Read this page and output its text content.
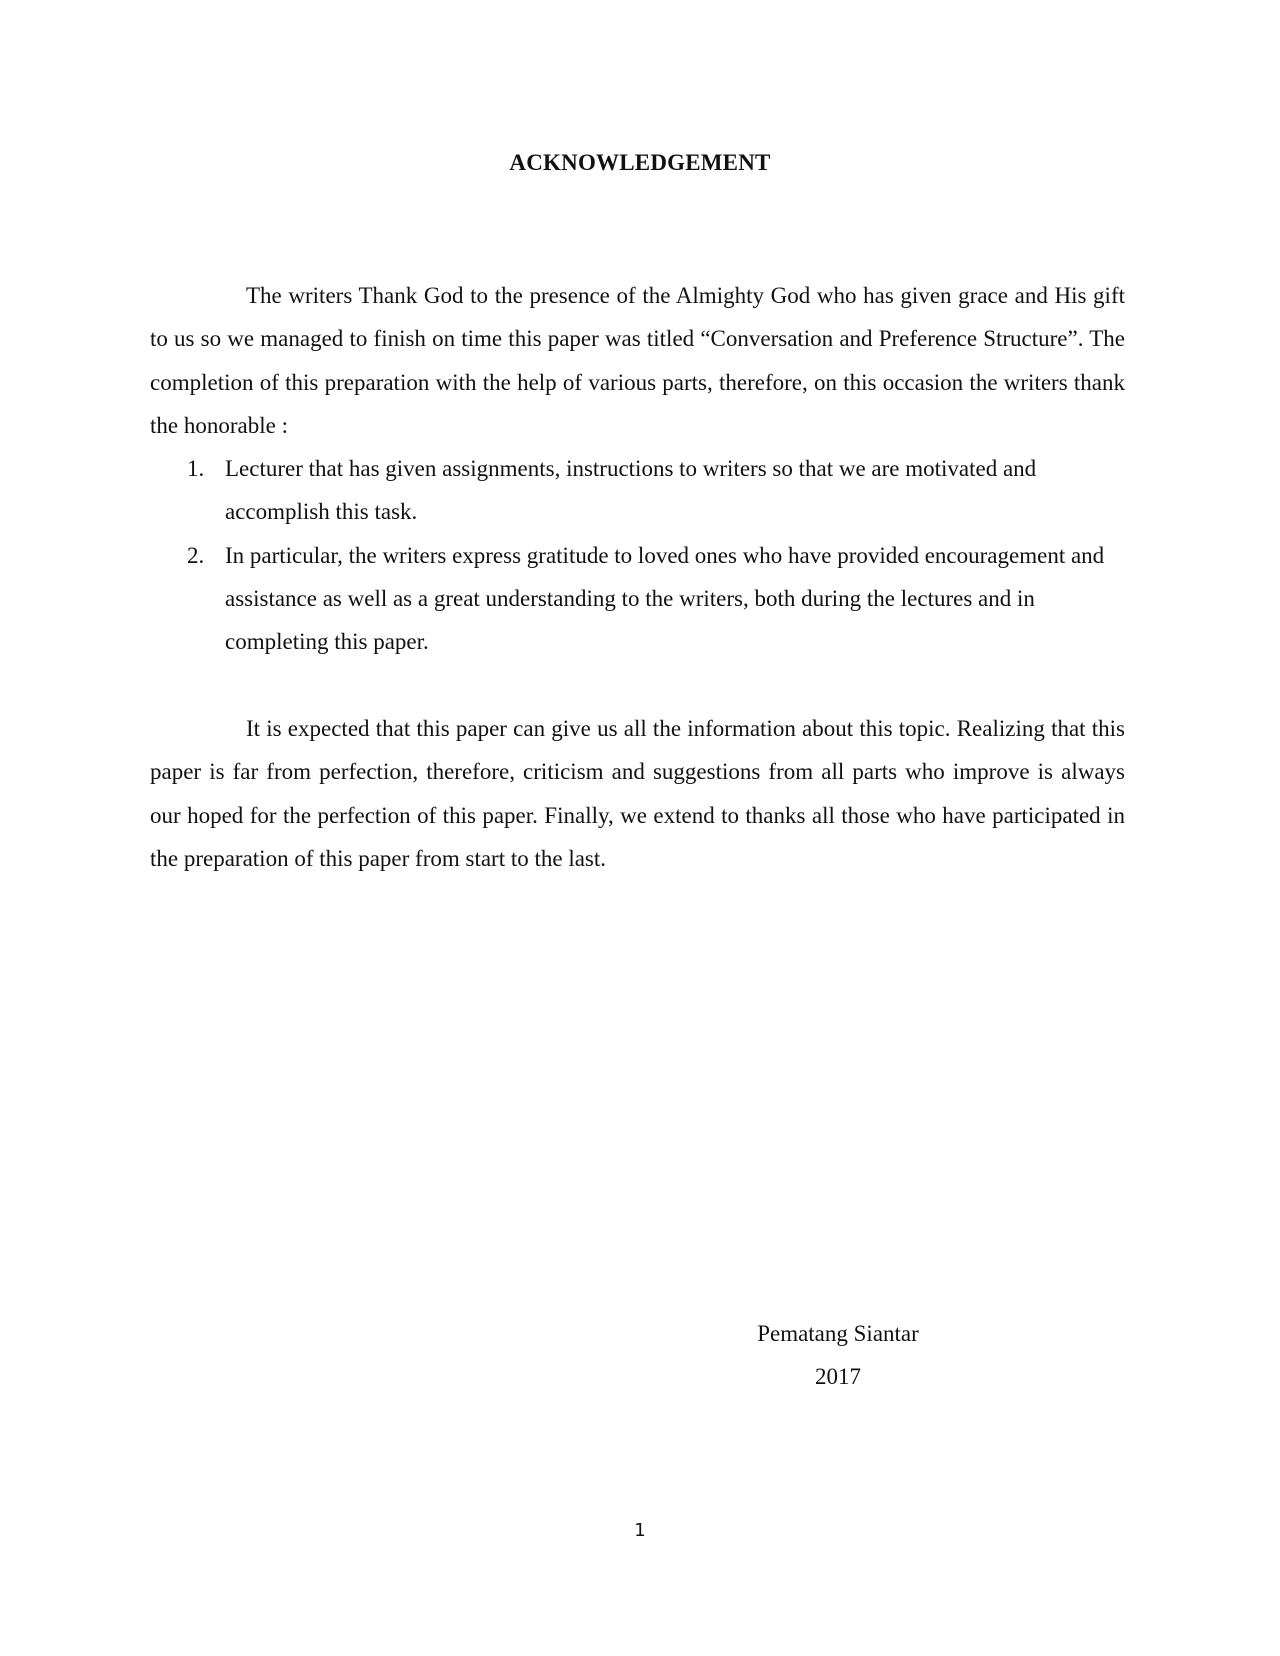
ACKNOWLEDGEMENT

The writers Thank God to the presence of the Almighty God who has given grace and His gift to us so we managed to finish on time this paper was titled “Conversation and Preference Structure”. The completion of this preparation with the help of various parts, therefore, on this occasion the writers thank the honorable :

1. Lecturer that has given assignments, instructions to writers so that we are motivated and accomplish this task.
2. In particular, the writers express gratitude to loved ones who have provided encouragement and assistance as well as a great understanding to the writers, both during the lectures and in completing this paper.

It is expected that this paper can give us all the information about this topic. Realizing that this paper is far from perfection, therefore, criticism and suggestions from all parts who improve is always our hoped for the perfection of this paper. Finally, we extend to thanks all those who have participated in the preparation of this paper from start to the last.

Pematang Siantar
2017
1
